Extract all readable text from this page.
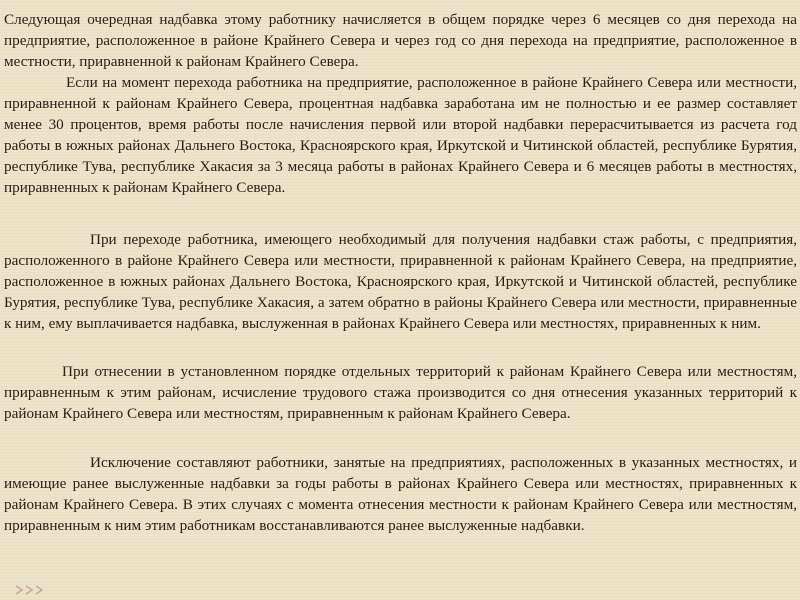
Следующая очередная надбавка этому работнику начисляется в общем порядке через 6 месяцев со дня перехода на предприятие, расположенное в районе Крайнего Севера и через год со дня перехода на предприятие, расположенное в местности, приравненной к районам Крайнего Севера.

Если на момент перехода работника на предприятие, расположенное в районе Крайнего Севера или местности, приравненной к районам Крайнего Севера, процентная надбавка заработана им не полностью и ее размер составляет менее 30 процентов, время работы после начисления первой или второй надбавки перерасчитывается из расчета год работы в южных районах Дальнего Востока, Красноярского края, Иркутской и Читинской областей, республике Бурятия, республике Тува, республике Хакасия за 3 месяца работы в районах Крайнего Севера и 6 месяцев работы в местностях, приравненных к районам Крайнего Севера.

При переходе работника, имеющего необходимый для получения надбавки стаж работы, с предприятия, расположенного в районе Крайнего Севера или местности, приравненной к районам Крайнего Севера, на предприятие, расположенное в южных районах Дальнего Востока, Красноярского края, Иркутской и Читинской областей, республике Бурятия, республике Тува, республике Хакасия, а затем обратно в районы Крайнего Севера или местности, приравненные к ним, ему выплачивается надбавка, выслуженная в районах Крайнего Севера или местностях, приравненных к ним.

При отнесении в установленном порядке отдельных территорий к районам Крайнего Севера или местностям, приравненным к этим районам, исчисление трудового стажа производится со дня отнесения указанных территорий к районам Крайнего Севера или местностям, приравненным к районам Крайнего Севера.

Исключение составляют работники, занятые на предприятиях, расположенных в указанных местностях, и имеющие ранее выслуженные надбавки за годы работы в районах Крайнего Севера или местностях, приравненных к районам Крайнего Севера. В этих случаях с момента отнесения местности к районам Крайнего Севера или местностям, приравненным к ним этим работникам восстанавливаются ранее выслуженные надбавки.
